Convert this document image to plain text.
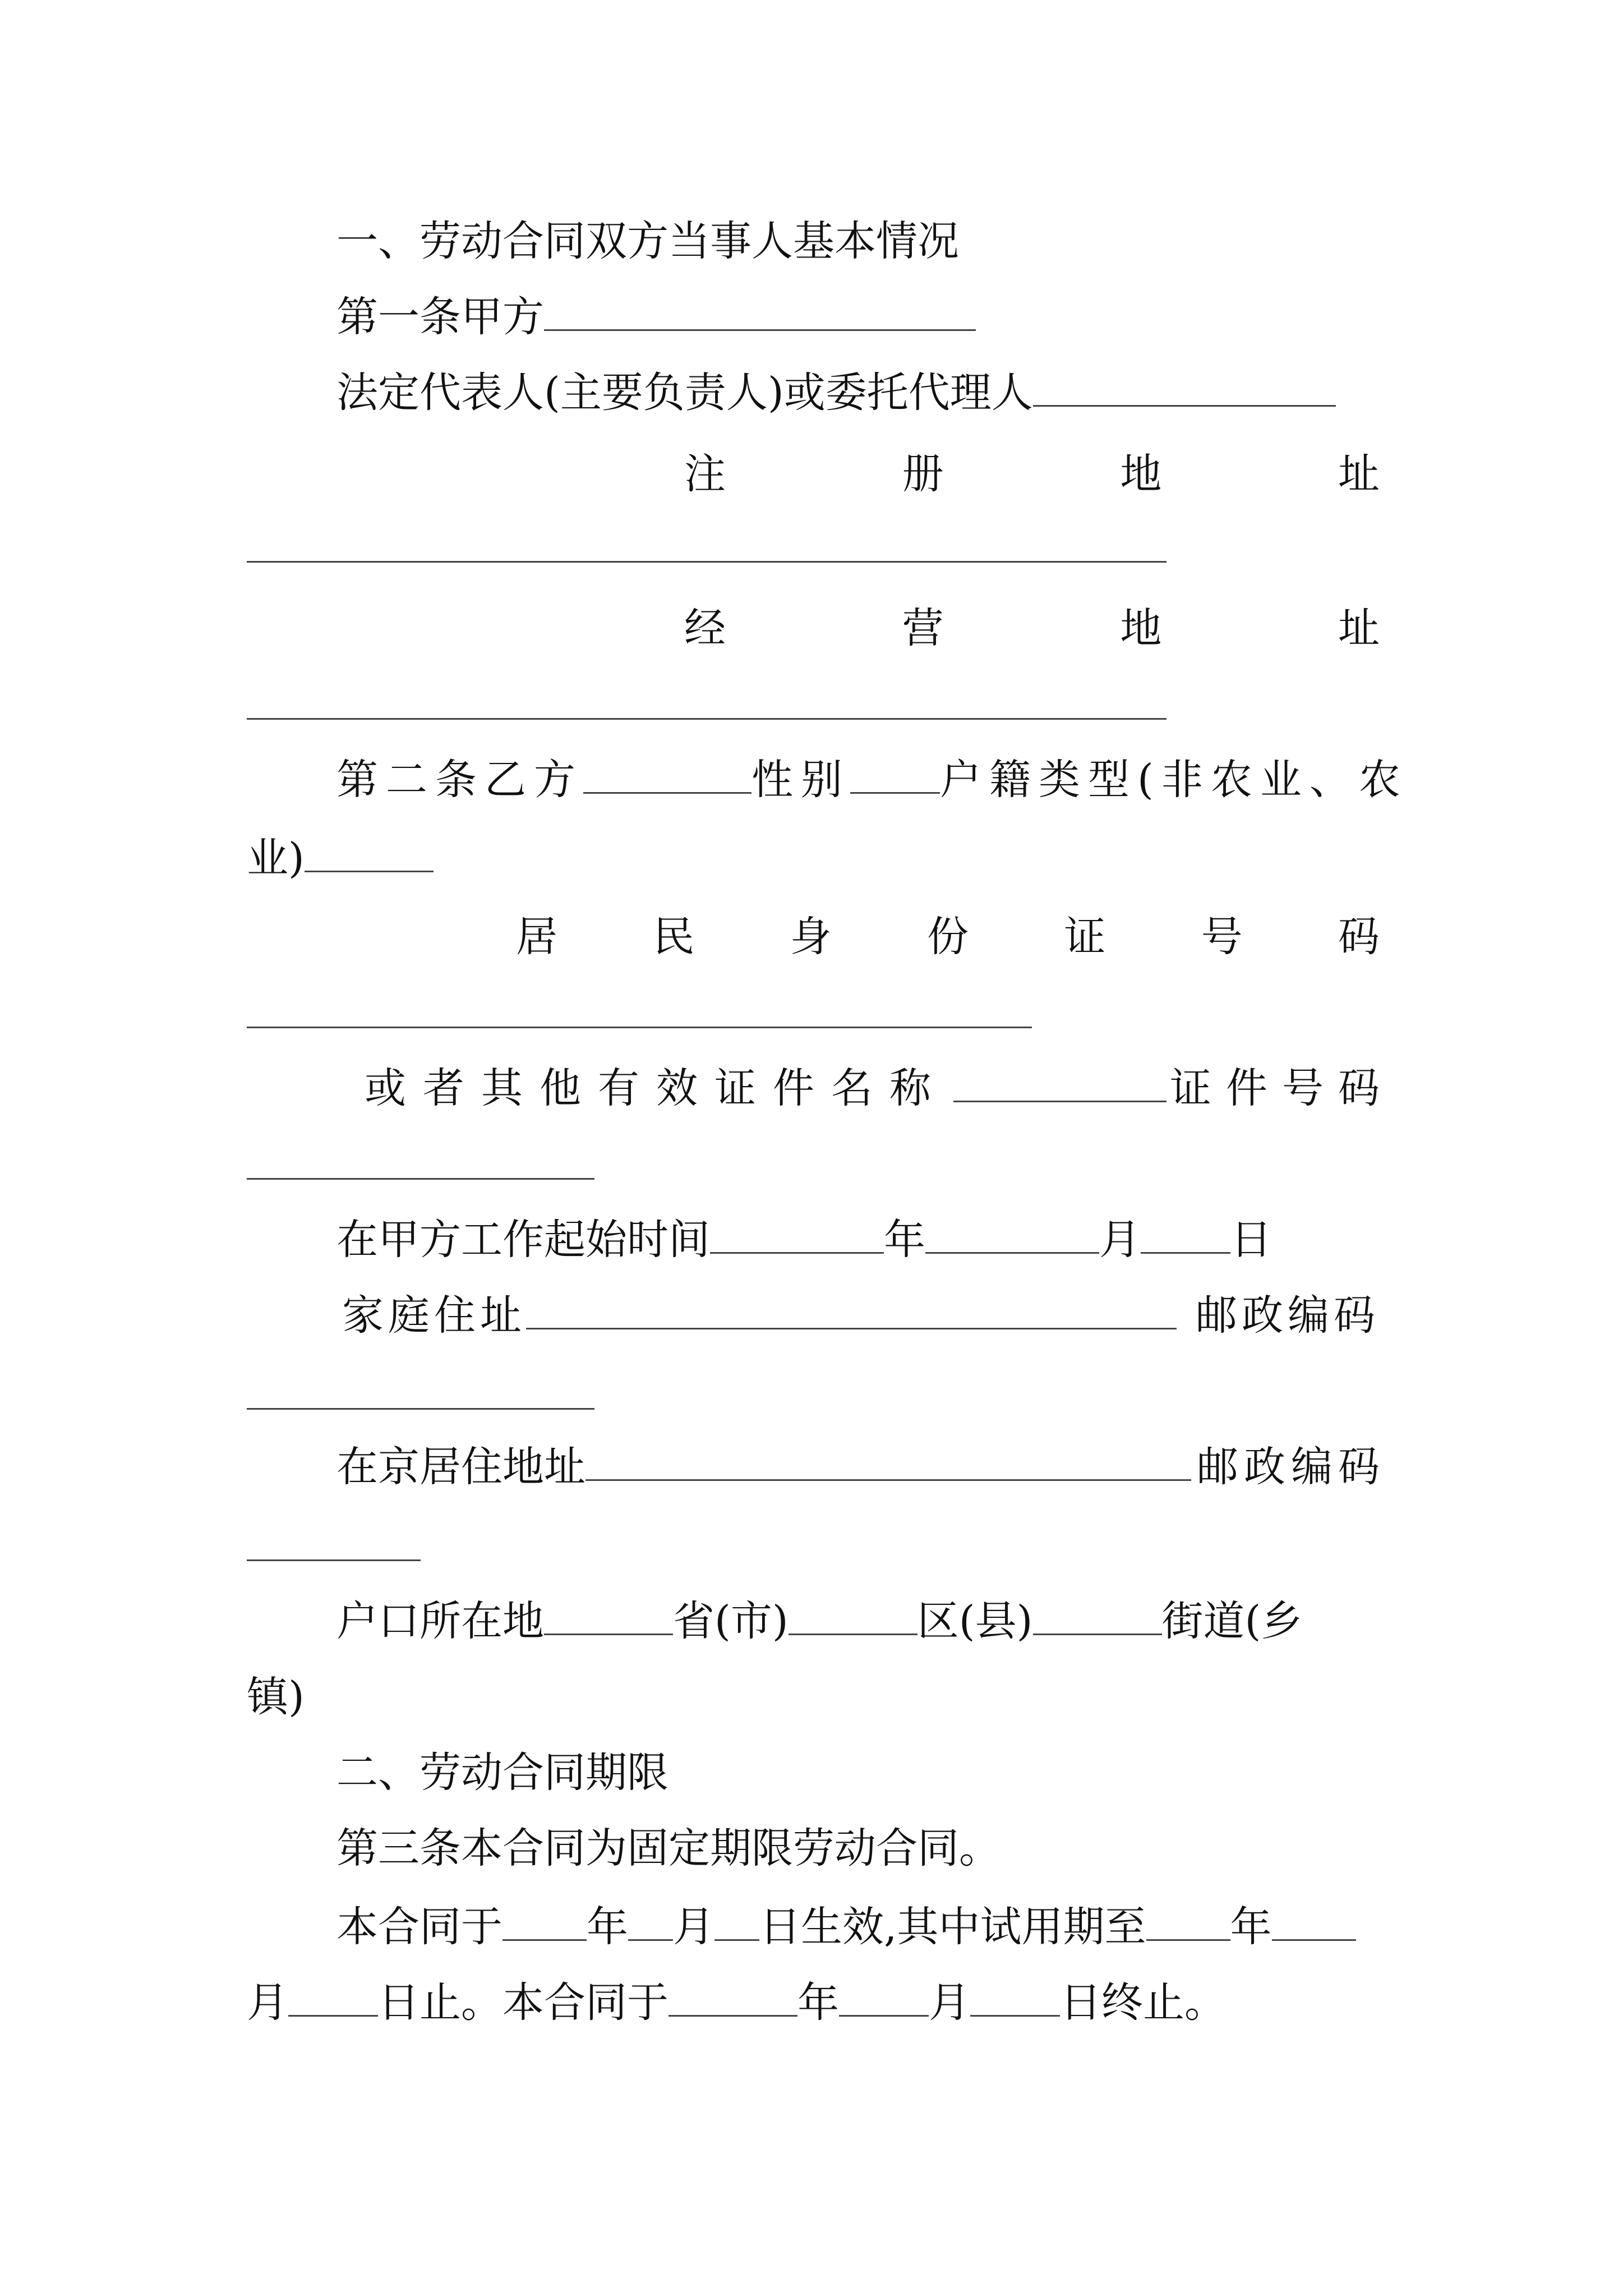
一、劳动合同双方当事人基本情况
第一条甲方
法定代表人(主要负责人)或委托代理人
注	册	地	址
经	营	地	址
第二条乙方	性别 户籍类型(非农业、农
业)
居 民 身 份 证 号 码
或者其他有效证件名称	证件号码
在甲方工作起始时间	年	月 日
家庭住址	邮政编码
在京居住地址	邮政编码
户口所在地	省(市)	区(县)	街道(乡
镇)
二、劳动合同期限
第三条本合同为固定期限劳动合同。
本合同于 年 月 日生效,其中试用期至 年
月 日止。本合同于	年 月 日终止。
